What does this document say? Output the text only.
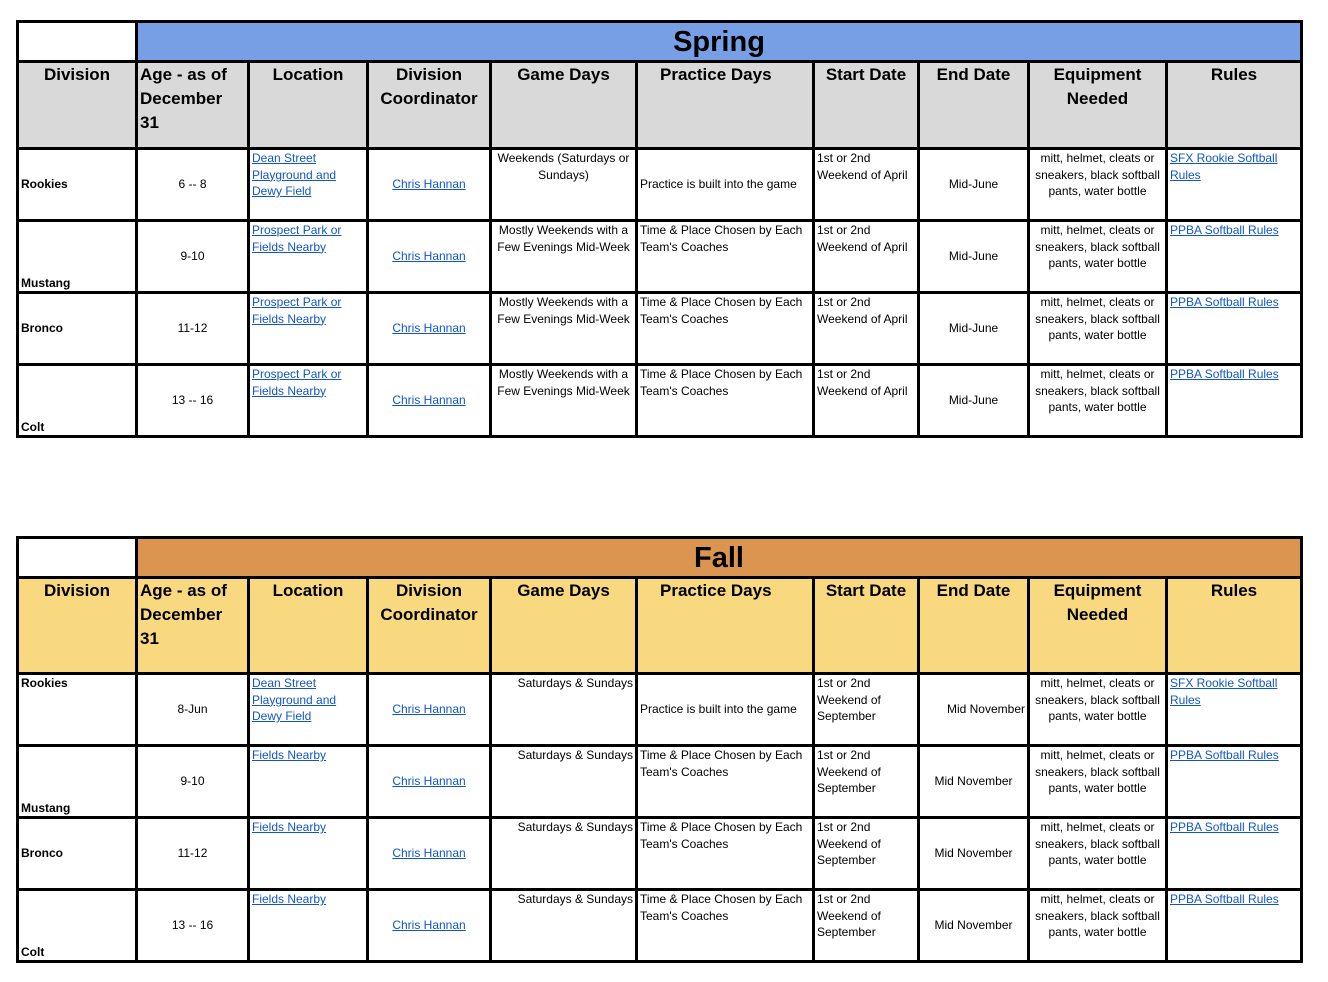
	Spring								
Division	Age - as of December 31	Location	Division Coordinator	Game Days	Practice Days	Start Date	End Date	Equipment Needed	Rules
Rookies	6 -- 8	Dean Street Playground and Dewy Field	Chris Hannan	Weekends (Saturdays or Sundays)	Practice is built into the game	1st or 2nd Weekend of April	Mid-June	mitt, helmet, cleats or sneakers, black softball pants, water bottle	SFX Rookie Softball Rules
Mustang	9-10	Prospect Park or Fields Nearby	Chris Hannan	Mostly Weekends with a Few Evenings Mid-Week	Time & Place Chosen by Each Team's Coaches	1st or 2nd Weekend of April	Mid-June	mitt, helmet, cleats or sneakers, black softball pants, water bottle	PPBA Softball Rules
Bronco	11-12	Prospect Park or Fields Nearby	Chris Hannan	Mostly Weekends with a Few Evenings Mid-Week	Time & Place Chosen by Each Team's Coaches	1st or 2nd Weekend of April	Mid-June	mitt, helmet, cleats or sneakers, black softball pants, water bottle	PPBA Softball Rules
Colt	13 -- 16	Prospect Park or Fields Nearby	Chris Hannan	Mostly Weekends with a Few Evenings Mid-Week	Time & Place Chosen by Each Team's Coaches	1st or 2nd Weekend of April	Mid-June	mitt, helmet, cleats or sneakers, black softball pants, water bottle	PPBA Softball Rules
	Fall								
Division	Age - as of December 31	Location	Division Coordinator	Game Days	Practice Days	Start Date	End Date	Equipment Needed	Rules
Rookies	8-Jun	Dean Street Playground and Dewy Field	Chris Hannan	Saturdays & Sundays	Practice is built into the game	1st or 2nd Weekend of September	Mid November	mitt, helmet, cleats or sneakers, black softball pants, water bottle	SFX Rookie Softball Rules
Mustang	9-10	Fields Nearby	Chris Hannan	Saturdays & Sundays	Time & Place Chosen by Each Team's Coaches	1st or 2nd Weekend of September	Mid November	mitt, helmet, cleats or sneakers, black softball pants, water bottle	PPBA Softball Rules
Bronco	11-12	Fields Nearby	Chris Hannan	Saturdays & Sundays	Time & Place Chosen by Each Team's Coaches	1st or 2nd Weekend of September	Mid November	mitt, helmet, cleats or sneakers, black softball pants, water bottle	PPBA Softball Rules
Colt	13 -- 16	Fields Nearby	Chris Hannan	Saturdays & Sundays	Time & Place Chosen by Each Team's Coaches	1st or 2nd Weekend of September	Mid November	mitt, helmet, cleats or sneakers, black softball pants, water bottle	PPBA Softball Rules
